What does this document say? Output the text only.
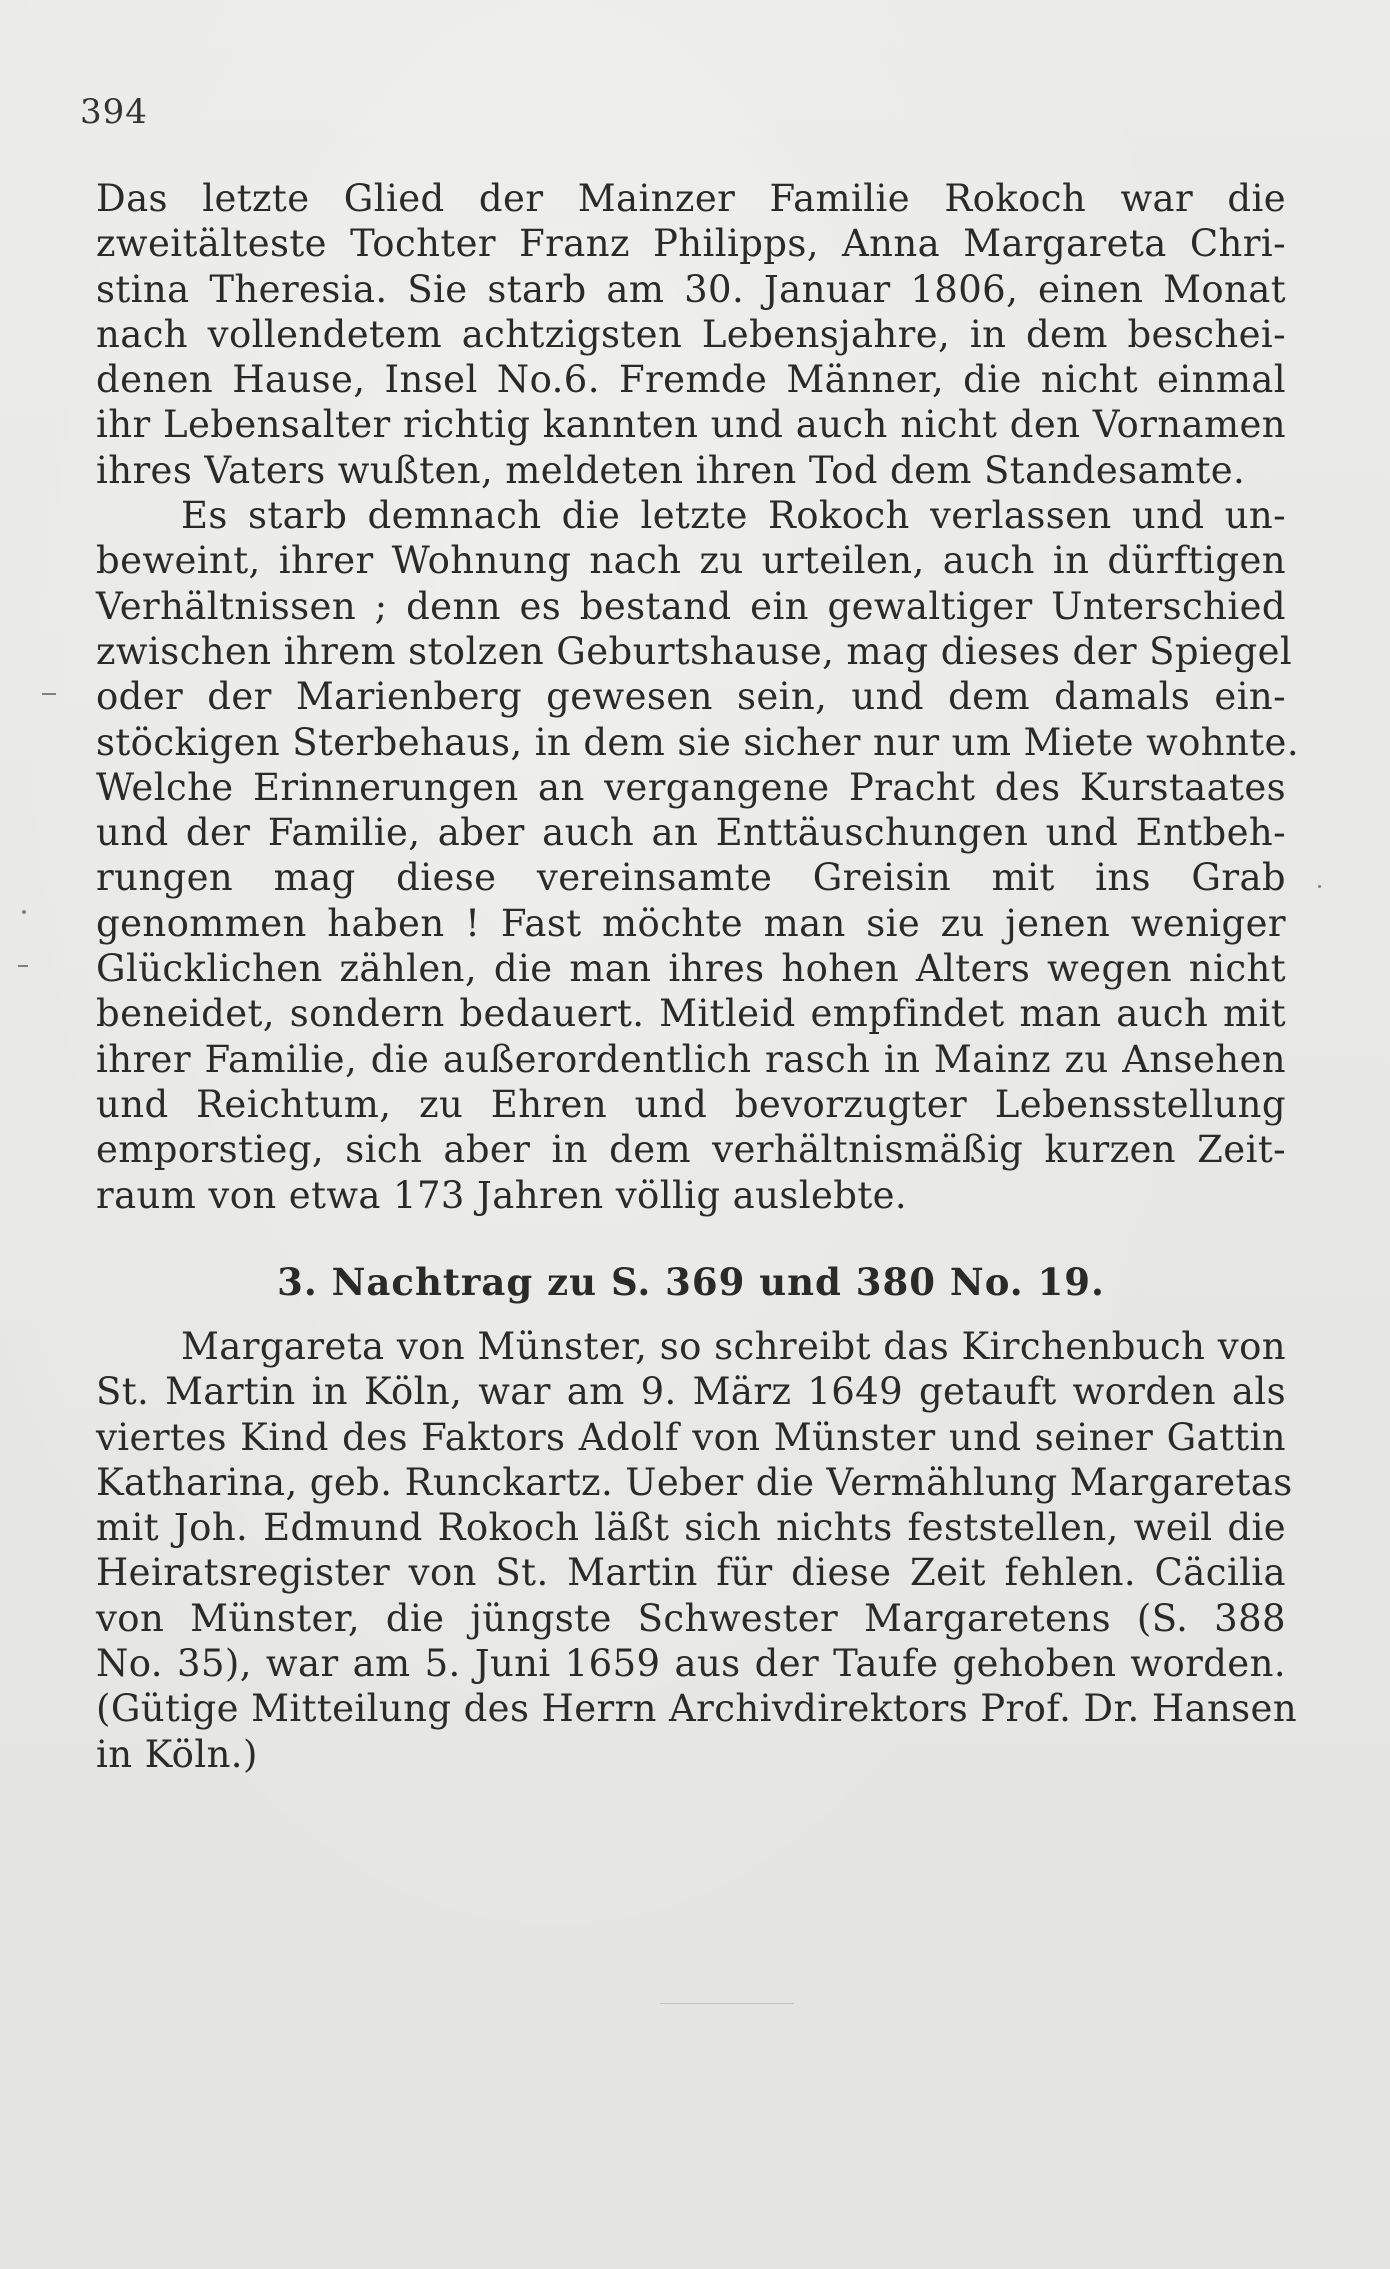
394
Das letzte Glied der Mainzer Familie Rokoch war die
zweitälteste Tochter Franz Philipps, Anna Margareta Chri-
stina Theresia. Sie starb am 30. Januar 1806, einen Monat
nach vollendetem achtzigsten Lebensjahre, in dem beschei-
denen Hause, Insel No.6. Fremde Männer, die nicht einmal
ihr Lebensalter richtig kannten und auch nicht den Vornamen
ihres Vaters wußten, meldeten ihren Tod dem Standesamte.
Es starb demnach die letzte Rokoch verlassen und un-
beweint, ihrer Wohnung nach zu urteilen, auch in dürftigen
Verhältnissen ; denn es bestand ein gewaltiger Unterschied
zwischen ihrem stolzen Geburtshause, mag dieses der Spiegel
oder der Marienberg gewesen sein, und dem damals ein-
stöckigen Sterbehaus, in dem sie sicher nur um Miete wohnte.
Welche Erinnerungen an vergangene Pracht des Kurstaates
und der Familie, aber auch an Enttäuschungen und Entbeh-
rungen mag diese vereinsamte Greisin mit ins Grab
genommen haben ! Fast möchte man sie zu jenen weniger
Glücklichen zählen, die man ihres hohen Alters wegen nicht
beneidet, sondern bedauert. Mitleid empfindet man auch mit
ihrer Familie, die außerordentlich rasch in Mainz zu Ansehen
und Reichtum, zu Ehren und bevorzugter Lebensstellung
emporstieg, sich aber in dem verhältnismäßig kurzen Zeit-
raum von etwa 173 Jahren völlig auslebte.
3. Nachtrag zu S. 369 und 380 No. 19.
Margareta von Münster, so schreibt das Kirchenbuch von
St. Martin in Köln, war am 9. März 1649 getauft worden als
viertes Kind des Faktors Adolf von Münster und seiner Gattin
Katharina, geb. Runckartz. Ueber die Vermählung Margaretas
mit Joh. Edmund Rokoch läßt sich nichts feststellen, weil die
Heiratsregister von St. Martin für diese Zeit fehlen. Cäcilia
von Münster, die jüngste Schwester Margaretens (S. 388
No. 35), war am 5. Juni 1659 aus der Taufe gehoben worden.
(Gütige Mitteilung des Herrn Archivdirektors Prof. Dr. Hansen
in Köln.)
